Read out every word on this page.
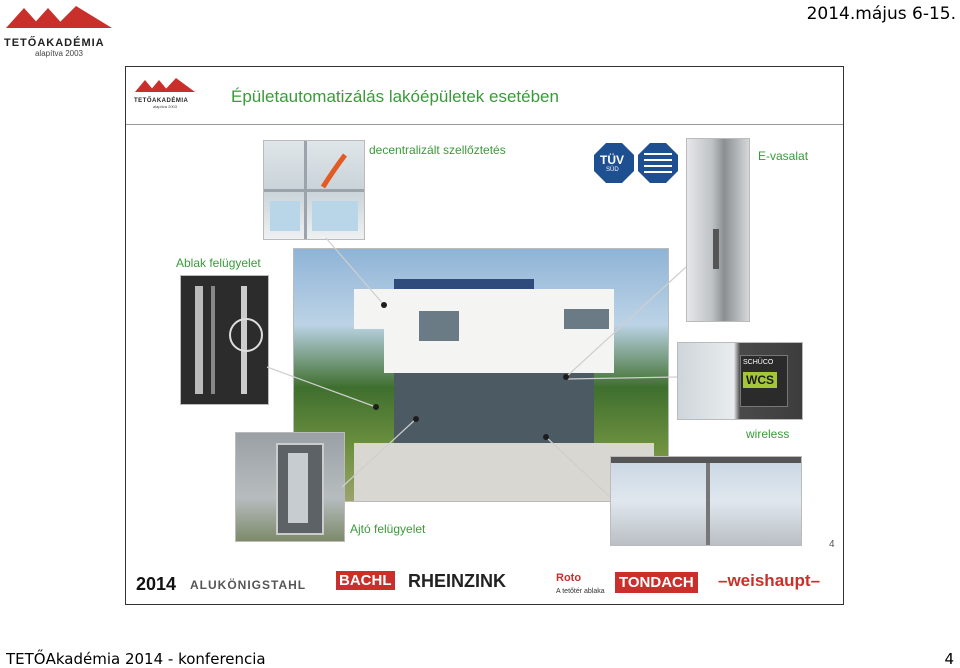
TETŐAKADÉMIA
alapítva 2003
2014.május 6-15.
TETŐAKADÉMIA
alapítva 2003
Épületautomatizálás lakóépületek esetében
decentralizált szellőztetés
TÜV
SÜD
E-vasalat
Ablak felügyelet
SCHÜCO
WCS
wireless
Ajtó felügyelet
4
2014 ALUKÖNIGSTAHL BACHL RHEINZINK	Roto
A tetőtér ablaka
TONDACH –weishaupt–
TETŐAkadémia 2014 - konferencia	4
